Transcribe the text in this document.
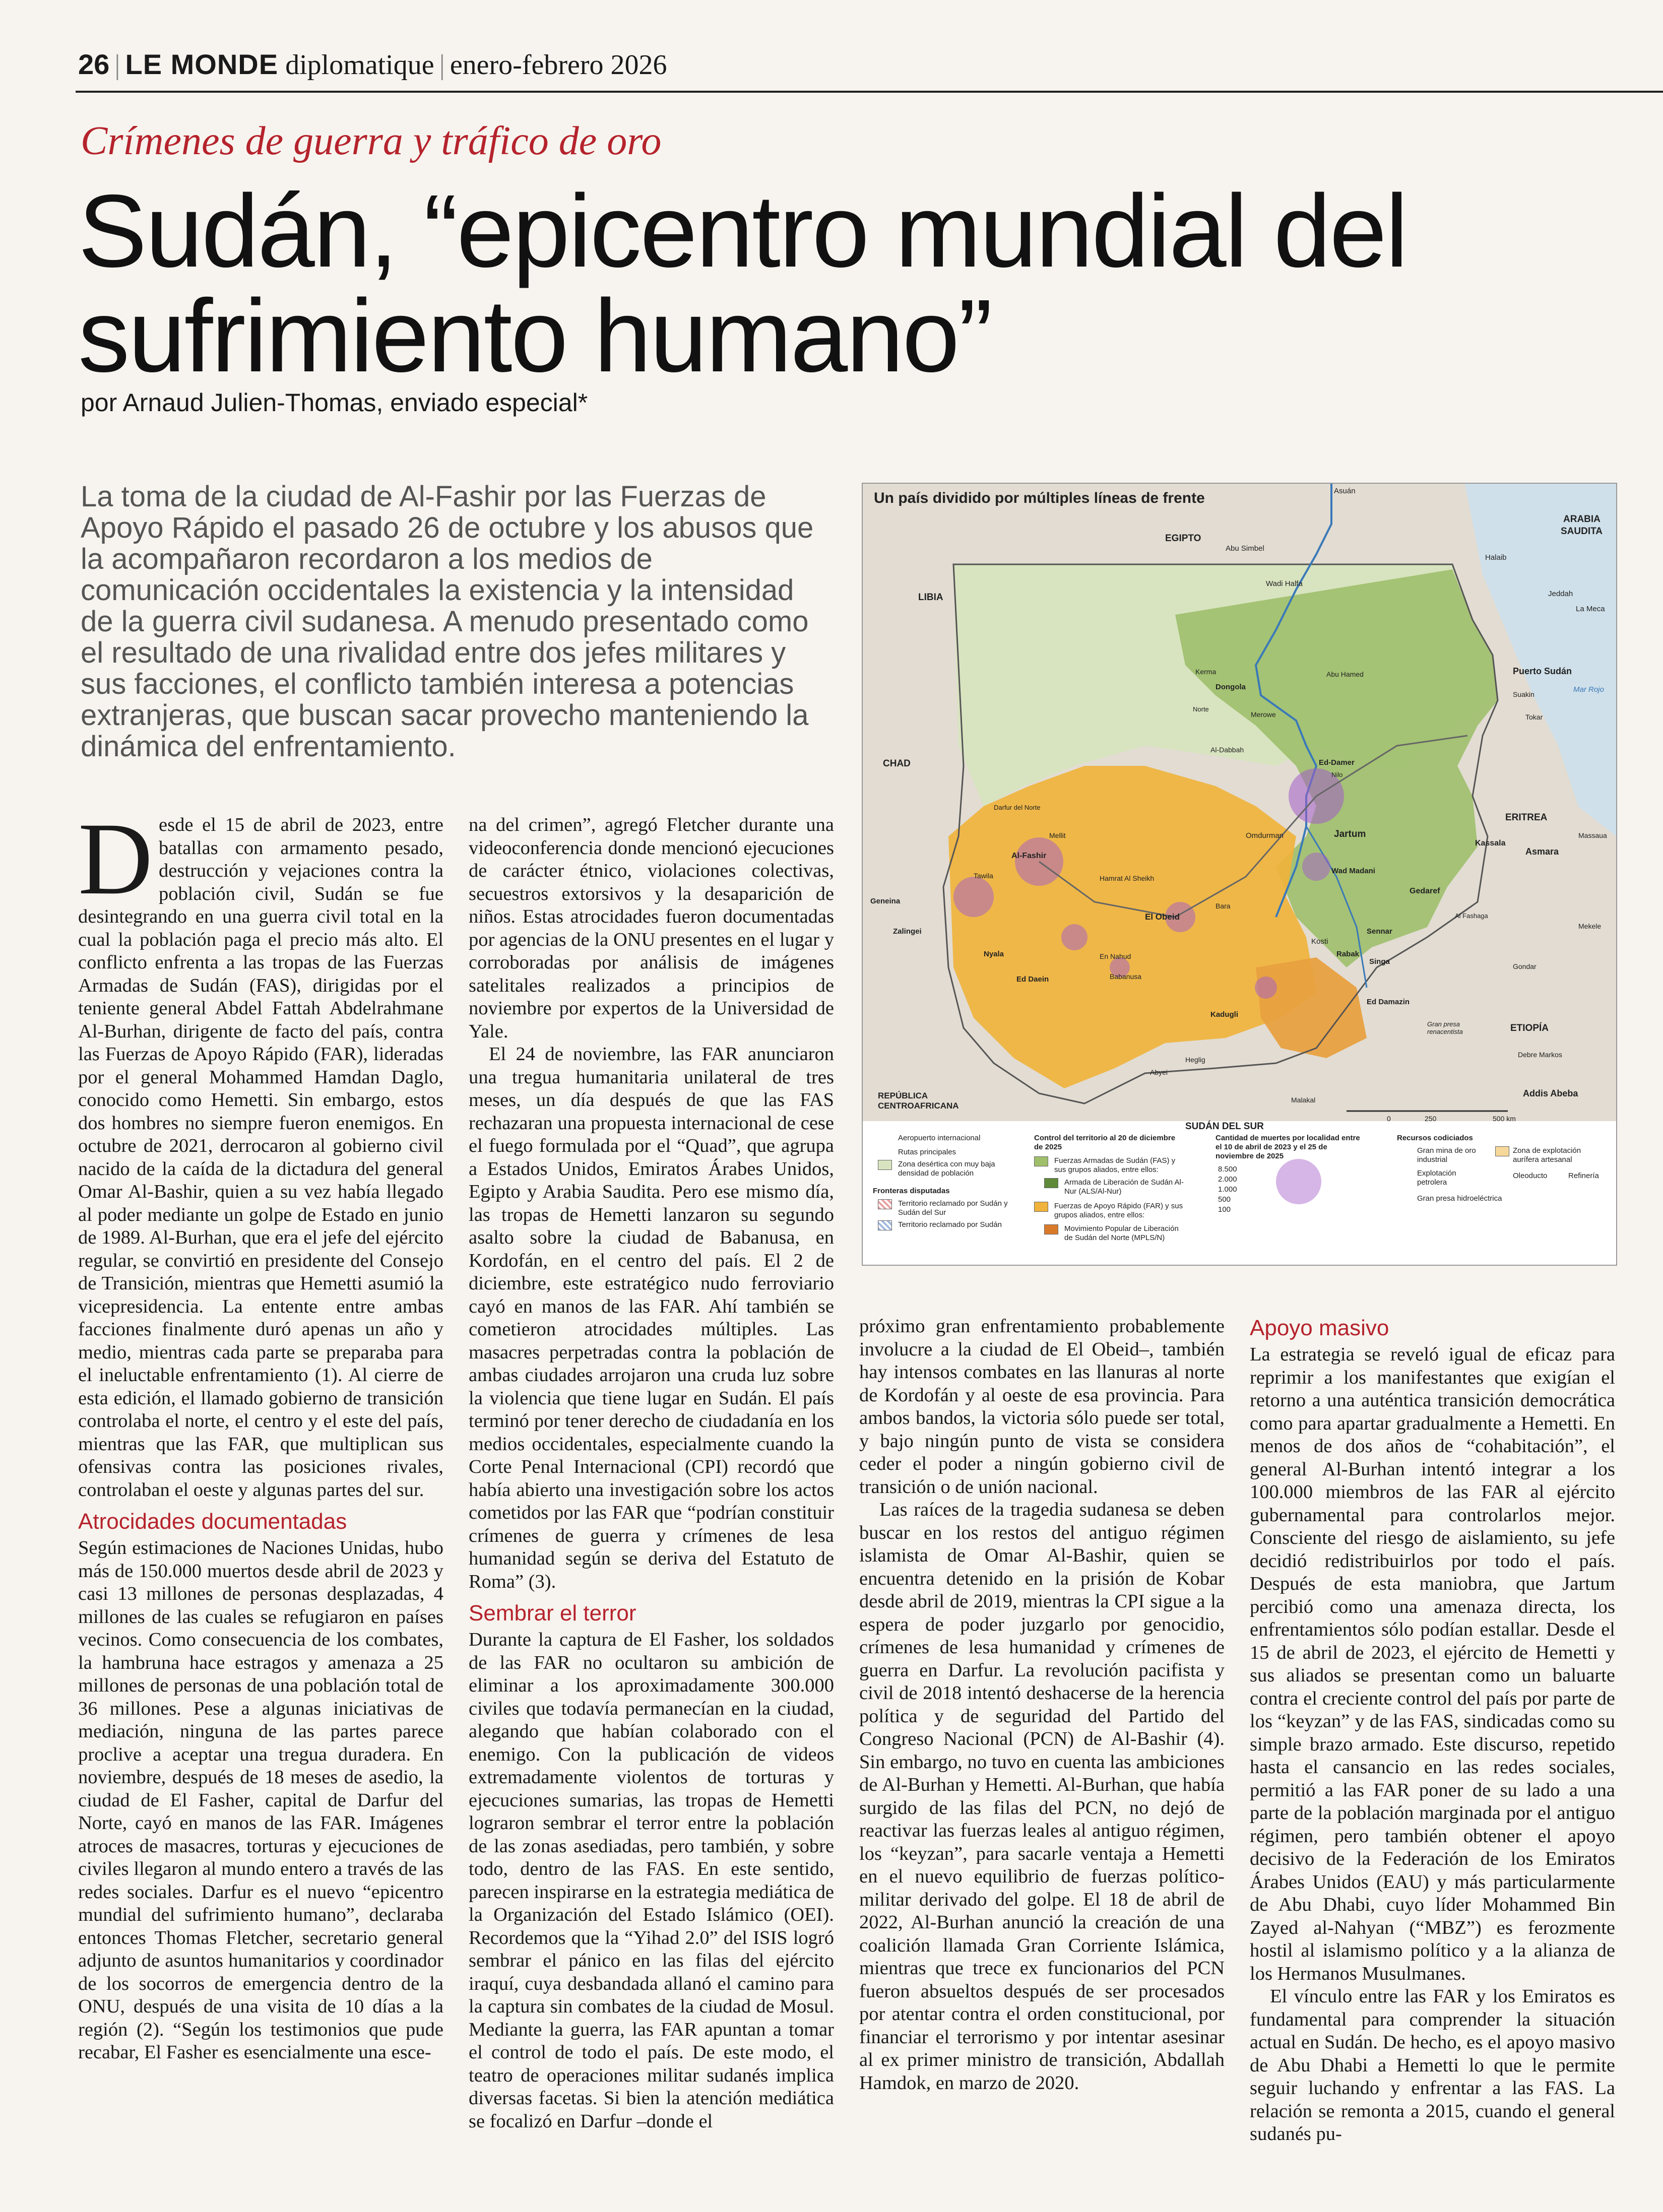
26 | LE MONDE diplomatique | enero-febrero 2026
Crímenes de guerra y tráfico de oro
Sudán, “epicentro mundial del
sufrimiento humano”
por Arnaud Julien-Thomas, enviado especial*
La toma de la ciudad de Al-Fashir por las Fuerzas de Apoyo Rápido el pasado 26 de octubre y los abusos que la acompañaron recordaron a los medios de comunicación occidentales la existencia y la intensidad de la guerra civil sudanesa. A menudo presentado como el resultado de una rivalidad entre dos jefes militares y sus facciones, el conflicto también interesa a potencias extranjeras, que buscan sacar provecho manteniendo la dinámica del enfrentamiento.
Un país dividido por múltiples líneas de frente
EGIPTO
LIBIA
CHAD
ARABIA
SAUDITA
ERITREA
ETIOPÍA
REPÚBLICA
CENTROAFRICANA
SUDÁN DEL SUR
Asuán
Abu Simbel
Wadi Halfa
Halaib
Jeddah
La Meca
Puerto Sudán
Suakin
Tokar
Mar Rojo
Dongola
Kerma
Merowe
Norte
Abu Hamed
Al-Dabbah
Ed-Damer
Nilo
Jartum
Omdurman
Kassala
Massaua
Asmara
Gedaref
Al Fashaga
Wad Madani
Sennar
Kosti
Rabak
Singa
Ed Damazin
Gondar
Mekele
Gran presa renacentista
Debre Markos
Addis Abeba
Malakal
El Obeid
Bara
En Nahud
Al-Fashir
Darfur del Norte
Geneina
Zalingei
Nyala
Ed Daein
Kadugli
Babanusa
Heglig
Abyei
Mellit
Tawila	Hamrat Al Sheikh
0	250	500 km
Aeropuerto internacional
Rutas principales
Zona desértica con muy baja densidad de población
Fronteras disputadas
Territorio reclamado por Sudán y Sudán del Sur
Territorio reclamado por Sudán
Control del territorio al 20 de diciembre de 2025
Fuerzas Armadas de Sudán (FAS) y sus grupos aliados, entre ellos:
Armada de Liberación de Sudán Al-Nur (ALS/Al-Nur)
Fuerzas de Apoyo Rápido (FAR) y sus grupos aliados, entre ellos:
Movimiento Popular de Liberación de Sudán del Norte (MPLS/N)
Cantidad de muertes por localidad entre el 10 de abril de 2023 y el 25 de noviembre de 2025
8.500
2.000
1.000
500
100
Recursos codiciados
Gran mina de oro industrial
Explotación petrolera
Gran presa hidroeléctrica
Zona de explotación aurífera artesanal
Oleoducto	Refinería

Desde el 15 de abril de 2023, entre batallas con armamento pesado, destrucción y vejaciones contra la población civil, Sudán se fue desintegrando en una guerra civil total en la cual la población paga el precio más alto. El conflicto enfrenta a las tropas de las Fuerzas Armadas de Sudán (FAS), dirigidas por el teniente general Abdel Fattah Abdelrahmane Al-Burhan, dirigente de facto del país, contra las Fuerzas de Apoyo Rápido (FAR), lideradas por el general Mohammed Hamdan Daglo, conocido como Hemetti. Sin embargo, estos dos hombres no siempre fueron enemigos. En octubre de 2021, derrocaron al gobierno civil nacido de la caída de la dictadura del general Omar Al-Bashir, quien a su vez había llegado al poder mediante un golpe de Estado en junio de 1989. Al-Burhan, que era el jefe del ejército regular, se convirtió en presidente del Consejo de Transición, mientras que Hemetti asumió la vicepresidencia. La entente entre ambas facciones finalmente duró apenas un año y medio, mientras cada parte se preparaba para el ineluctable enfrentamiento (1). Al cierre de esta edición, el llamado gobierno de transición controlaba el norte, el centro y el este del país, mientras que las FAR, que multiplican sus ofensivas contra las posiciones rivales, controlaban el oeste y algunas partes del sur.

Atrocidades documentadas

Según estimaciones de Naciones Unidas, hubo más de 150.000 muertos desde abril de 2023 y casi 13 millones de personas desplazadas, 4 millones de las cuales se refugiaron en países vecinos. Como consecuencia de los combates, la hambruna hace estragos y amenaza a 25 millones de personas de una población total de 36 millones. Pese a algunas iniciativas de mediación, ninguna de las partes parece proclive a aceptar una tregua duradera. En noviembre, después de 18 meses de asedio, la ciudad de El Fasher, capital de Darfur del Norte, cayó en manos de las FAR. Imágenes atroces de masacres, torturas y ejecuciones de civiles llegaron al mundo entero a través de las redes sociales. Darfur es el nuevo “epicentro mundial del sufrimiento humano”, declaraba entonces Thomas Fletcher, secretario general adjunto de asuntos humanitarios y coordinador de los socorros de emergencia dentro de la ONU, después de una visita de 10 días a la región (2). “Según los testimonios que pude recabar, El Fasher es esencialmente una esce-

na del crimen”, agregó Fletcher durante una videoconferencia donde mencionó ejecuciones de carácter étnico, violaciones colectivas, secuestros extorsivos y la desaparición de niños. Estas atrocidades fueron documentadas por agencias de la ONU presentes en el lugar y corroboradas por análisis de imágenes satelitales realizados a principios de noviembre por expertos de la Universidad de Yale.

El 24 de noviembre, las FAR anunciaron una tregua humanitaria unilateral de tres meses, un día después de que las FAS rechazaran una propuesta internacional de cese el fuego formulada por el “Quad”, que agrupa a Estados Unidos, Emiratos Árabes Unidos, Egipto y Arabia Saudita. Pero ese mismo día, las tropas de Hemetti lanzaron su segundo asalto sobre la ciudad de Babanusa, en Kordofán, en el centro del país. El 2 de diciembre, este estratégico nudo ferroviario cayó en manos de las FAR. Ahí también se cometieron atrocidades múltiples. Las masacres perpetradas contra la población de ambas ciudades arrojaron una cruda luz sobre la violencia que tiene lugar en Sudán. El país terminó por tener derecho de ciudadanía en los medios occidentales, especialmente cuando la Corte Penal Internacional (CPI) recordó que había abierto una investigación sobre los actos cometidos por las FAR que “podrían constituir crímenes de guerra y crímenes de lesa humanidad según se deriva del Estatuto de Roma” (3).

Sembrar el terror

Durante la captura de El Fasher, los soldados de las FAR no ocultaron su ambición de eliminar a los aproximadamente 300.000 civiles que todavía permanecían en la ciudad, alegando que habían colaborado con el enemigo. Con la publicación de videos extremadamente violentos de torturas y ejecuciones sumarias, las tropas de Hemetti lograron sembrar el terror entre la población de las zonas asediadas, pero también, y sobre todo, dentro de las FAS. En este sentido, parecen inspirarse en la estrategia mediática de la Organización del Estado Islámico (OEI). Recordemos que la “Yihad 2.0” del ISIS logró sembrar el pánico en las filas del ejército iraquí, cuya desbandada allanó el camino para la captura sin combates de la ciudad de Mosul. Mediante la guerra, las FAR apuntan a tomar el control de todo el país. De este modo, el teatro de operaciones militar sudanés implica diversas facetas. Si bien la atención mediática se focalizó en Darfur –donde el

próximo gran enfrentamiento probablemente involucre a la ciudad de El Obeid–, también hay intensos combates en las llanuras al norte de Kordofán y al oeste de esa provincia. Para ambos bandos, la victoria sólo puede ser total, y bajo ningún punto de vista se considera ceder el poder a ningún gobierno civil de transición o de unión nacional.

Las raíces de la tragedia sudanesa se deben buscar en los restos del antiguo régimen islamista de Omar Al-Bashir, quien se encuentra detenido en la prisión de Kobar desde abril de 2019, mientras la CPI sigue a la espera de poder juzgarlo por genocidio, crímenes de lesa humanidad y crímenes de guerra en Darfur. La revolución pacifista y civil de 2018 intentó deshacerse de la herencia política y de seguridad del Partido del Congreso Nacional (PCN) de Al-Bashir (4). Sin embargo, no tuvo en cuenta las ambiciones de Al-Burhan y Hemetti. Al-Burhan, que había surgido de las filas del PCN, no dejó de reactivar las fuerzas leales al antiguo régimen, los “keyzan”, para sacarle ventaja a Hemetti en el nuevo equilibrio de fuerzas político-militar derivado del golpe. El 18 de abril de 2022, Al-Burhan anunció la creación de una coalición llamada Gran Corriente Islámica, mientras que trece ex funcionarios del PCN fueron absueltos después de ser procesados por atentar contra el orden constitucional, por financiar el terrorismo y por intentar asesinar al ex primer ministro de transición, Abdallah Hamdok, en marzo de 2020.

Apoyo masivo

La estrategia se reveló igual de eficaz para reprimir a los manifestantes que exigían el retorno a una auténtica transición democrática como para apartar gradualmente a Hemetti. En menos de dos años de “cohabitación”, el general Al-Burhan intentó integrar a los 100.000 miembros de las FAR al ejército gubernamental para controlarlos mejor. Consciente del riesgo de aislamiento, su jefe decidió redistribuirlos por todo el país. Después de esta maniobra, que Jartum percibió como una amenaza directa, los enfrentamientos sólo podían estallar. Desde el 15 de abril de 2023, el ejército de Hemetti y sus aliados se presentan como un baluarte contra el creciente control del país por parte de los “keyzan” y de las FAS, sindicadas como su simple brazo armado. Este discurso, repetido hasta el cansancio en las redes sociales, permitió a las FAR poner de su lado a una parte de la población marginada por el antiguo régimen, pero también obtener el apoyo decisivo de la Federación de los Emiratos Árabes Unidos (EAU) y más particularmente de Abu Dhabi, cuyo líder Mohammed Bin Zayed al-Nahyan (“MBZ”) es ferozmente hostil al islamismo político y a la alianza de los Hermanos Musulmanes.

El vínculo entre las FAR y los Emiratos es fundamental para comprender la situación actual en Sudán. De hecho, es el apoyo masivo de Abu Dhabi a Hemetti lo que le permite seguir luchando y enfrentar a las FAS. La relación se remonta a 2015, cuando el general sudanés pu-
